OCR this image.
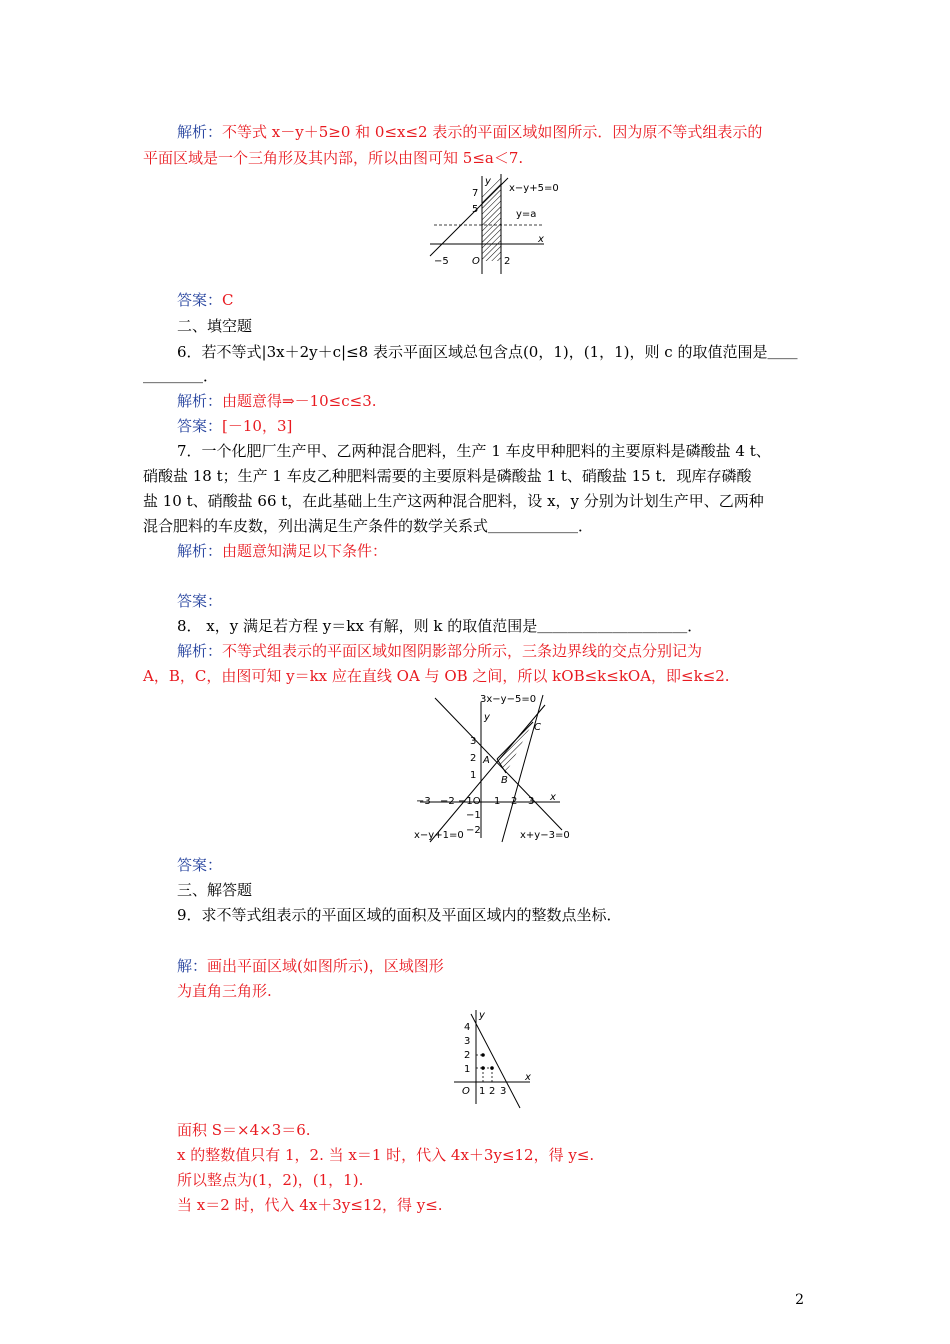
解析：不等式 x－y＋5≥0 和 0≤x≤2 表示的平面区域如图所示．因为原不等式组表示的
平面区域是一个三角形及其内部，所以由图可知 5≤a＜7.
x−y+5=0
y=a
7
5
−5 O 2
x
y
答案：C
二、填空题
6．若不等式|3x＋2y＋c|≤8 表示平面区域总包含点(0，1)，(1，1)，则 c 的取值范围是＿＿
＿＿＿＿．
解析：由题意得⇒－10≤c≤3.
答案：[－10，3]
7．一个化肥厂生产甲、乙两种混合肥料，生产 1 车皮甲种肥料的主要原料是磷酸盐 4 t、
硝酸盐 18 t；生产 1 车皮乙种肥料需要的主要原料是磷酸盐 1 t、硝酸盐 15 t．现库存磷酸
盐 10 t、硝酸盐 66 t，在此基础上生产这两种混合肥料，设 x，y 分别为计划生产甲、乙两种
混合肥料的车皮数，列出满足生产条件的数学关系式＿＿＿＿＿＿．
解析：由题意知满足以下条件：
答案：
8． x，y 满足若方程 y＝kx 有解，则 k 的取值范围是＿＿＿＿＿＿＿＿＿＿．
解析：不等式组表示的平面区域如图阴影部分所示，三条边界线的交点分别记为
A，B，C，由图可知 y＝kx 应在直线 OA 与 OB 之间，所以 kOB≤k≤kOA，即≤k≤2.
3x−y−5=0
x−y+1=0	x+y−3=0
A
B
C
3
2
1
−1
−2
−3 −2 −1O 1 2 3 x
y
答案：
三、解答题
9．求不等式组表示的平面区域的面积及平面区域内的整数点坐标．
解：画出平面区域(如图所示)，区域图形
为直角三角形.
4
3
2
1
O 1 2 3
x
y
面积 S＝×4×3＝6.
x 的整数值只有 1，2. 当 x＝1 时，代入 4x＋3y≤12，得 y≤.
所以整点为(1，2)，(1，1).
当 x＝2 时，代入 4x＋3y≤12，得 y≤.
2
